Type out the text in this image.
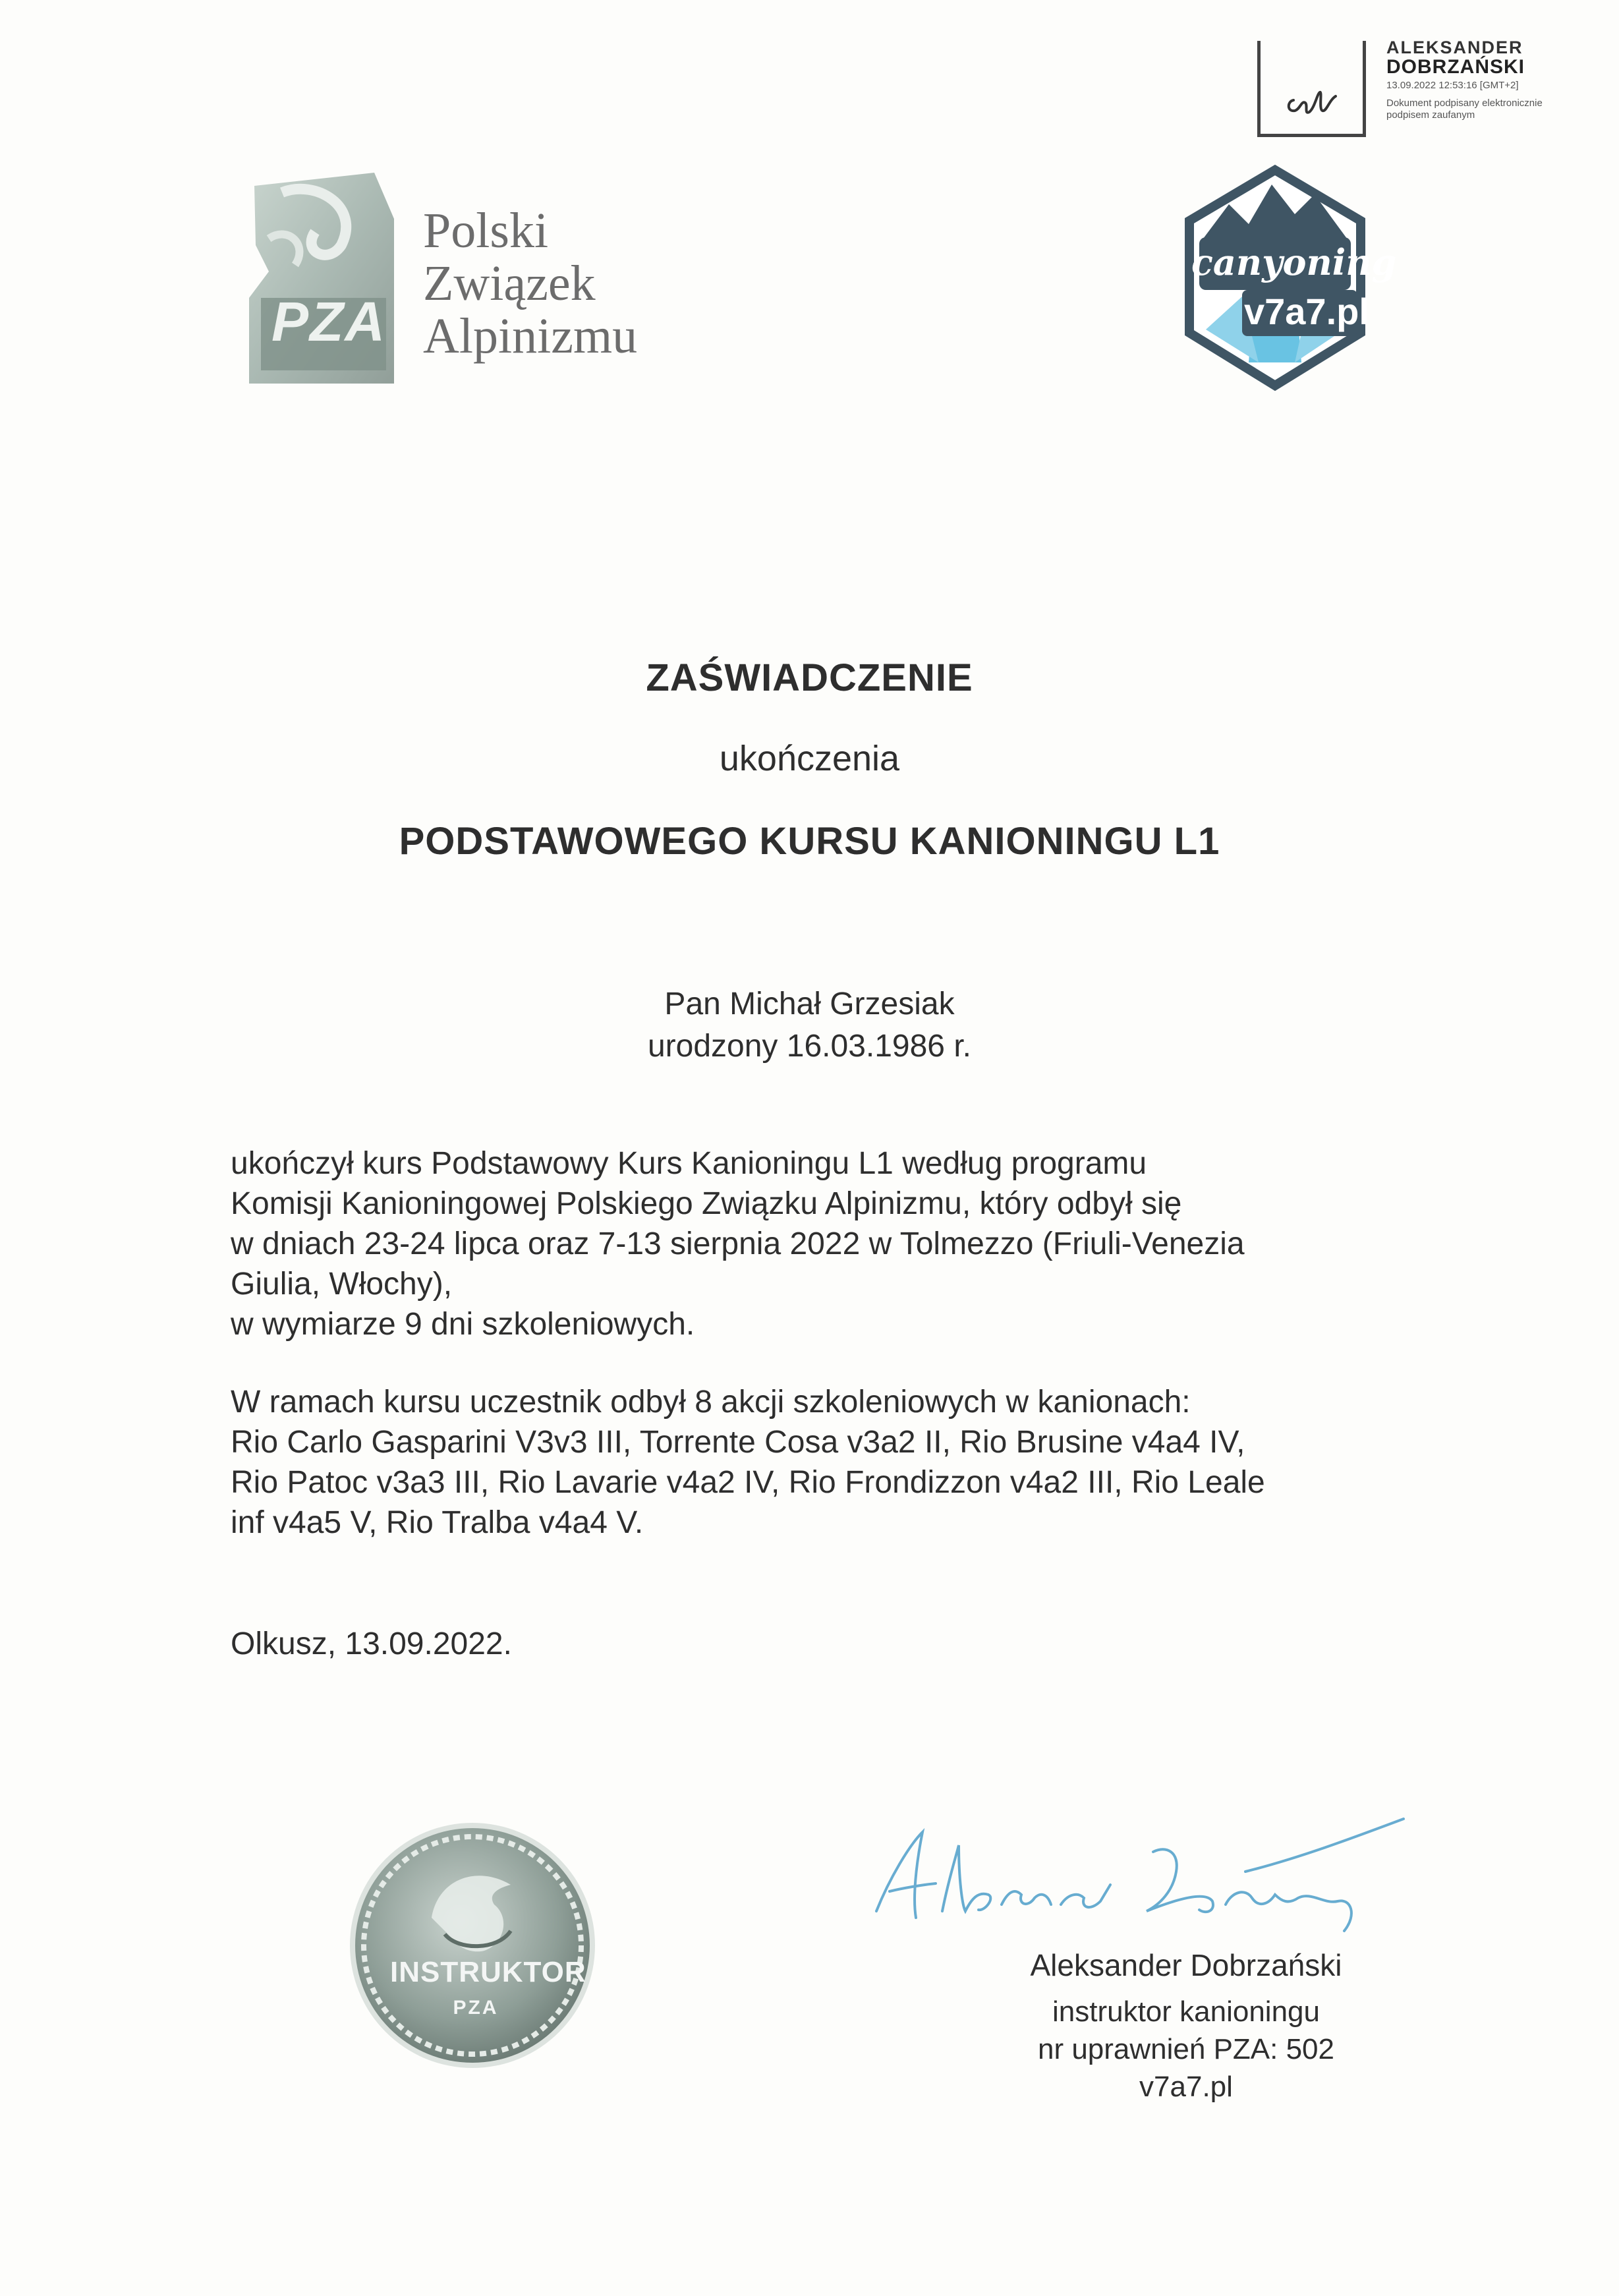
ALEKSANDER
DOBRZAŃSKI
13.09.2022 12:53:16 [GMT+2]
Dokument podpisany elektronicznie podpisem zaufanym
PZA
Polski
Związek
Alpinizmu
canyoning
v7a7.pl
ZAŚWIADCZENIE
ukończenia
PODSTAWOWEGO KURSU KANIONINGU L1
Pan Michał Grzesiak
urodzony 16.03.1986 r.
ukończył kurs Podstawowy Kurs Kanioningu L1 według programu
Komisji Kanioningowej Polskiego Związku Alpinizmu, który odbył się
w dniach 23-24 lipca oraz 7-13 sierpnia 2022 w Tolmezzo (Friuli-Venezia
Giulia, Włochy),
w wymiarze 9 dni szkoleniowych.
W ramach kursu uczestnik odbył 8 akcji szkoleniowych w kanionach:
Rio Carlo Gasparini V3v3 III, Torrente Cosa v3a2 II, Rio Brusine v4a4 IV,
Rio Patoc v3a3 III, Rio Lavarie v4a2 IV, Rio Frondizzon v4a2 III, Rio Leale
inf v4a5 V, Rio Tralba v4a4 V.
Olkusz, 13.09.2022.
INSTRUKTOR
PZA
Aleksander Dobrzański
instruktor kanioningu
nr uprawnień PZA: 502
v7a7.pl
